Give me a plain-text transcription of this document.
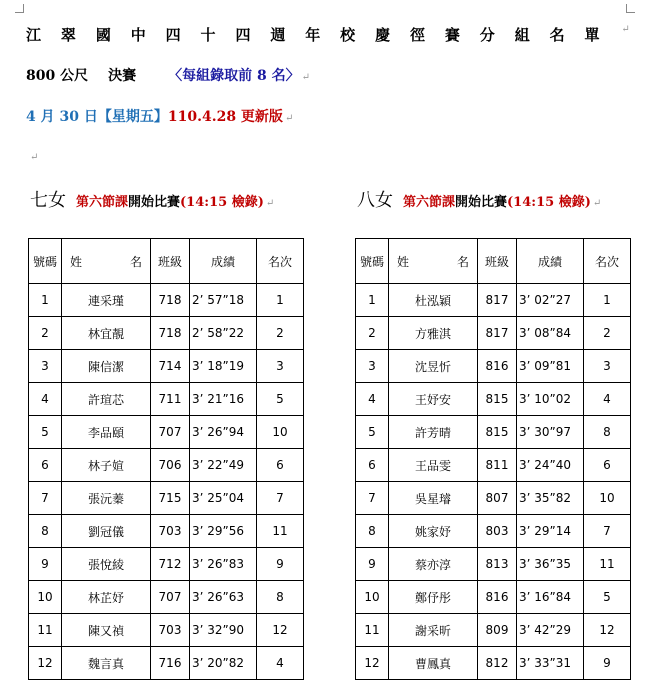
江 翠 國 中 四 十 四 週 年 校 慶 徑 賽 分 組 名 單 ↵
800 公尺 決賽 〈每組錄取前 8 名〉 ↵
4 月 30 日【星期五】110.4.28 更新版 ↵
↵
七女 第六節課開始比賽(14:15 檢錄) ↵	八女 第六節課開始比賽(14:15 檢錄) ↵
號碼	姓 名	班級	成績	名次
1	連采瑾	718	2’ 57”18	1
2	林宜靚	718	2’ 58”22	2
3	陳信潔	714	3’ 18”19	3
4	許瑄芯	711	3’ 21”16	5
5	李品頤	707	3’ 26”94	10
6	林子媗	706	3’ 22”49	6
7	張沅蓁	715	3’ 25”04	7
8	劉冠儀	703	3’ 29”56	11
9	張悅綾	712	3’ 26”83	9
10	林芷妤	707	3’ 26”63	8
11	陳又禎	703	3’ 32”90	12
12	魏言真	716	3’ 20”82	4
號碼	姓 名	班級	成績	名次
1	杜泓穎	817	3’ 02”27	1
2	方雅淇	817	3’ 08”84	2
3	沈昱忻	816	3’ 09”81	3
4	王妤安	815	3’ 10”02	4
5	許芳晴	815	3’ 30”97	8
6	王品雯	811	3’ 24”40	6
7	吳星璿	807	3’ 35”82	10
8	姚家妤	803	3’ 29”14	7
9	蔡亦淳	813	3’ 36”35	11
10	鄭伃彤	816	3’ 16”84	5
11	謝采昕	809	3’ 42”29	12
12	曹鳳真	812	3’ 33”31	9
